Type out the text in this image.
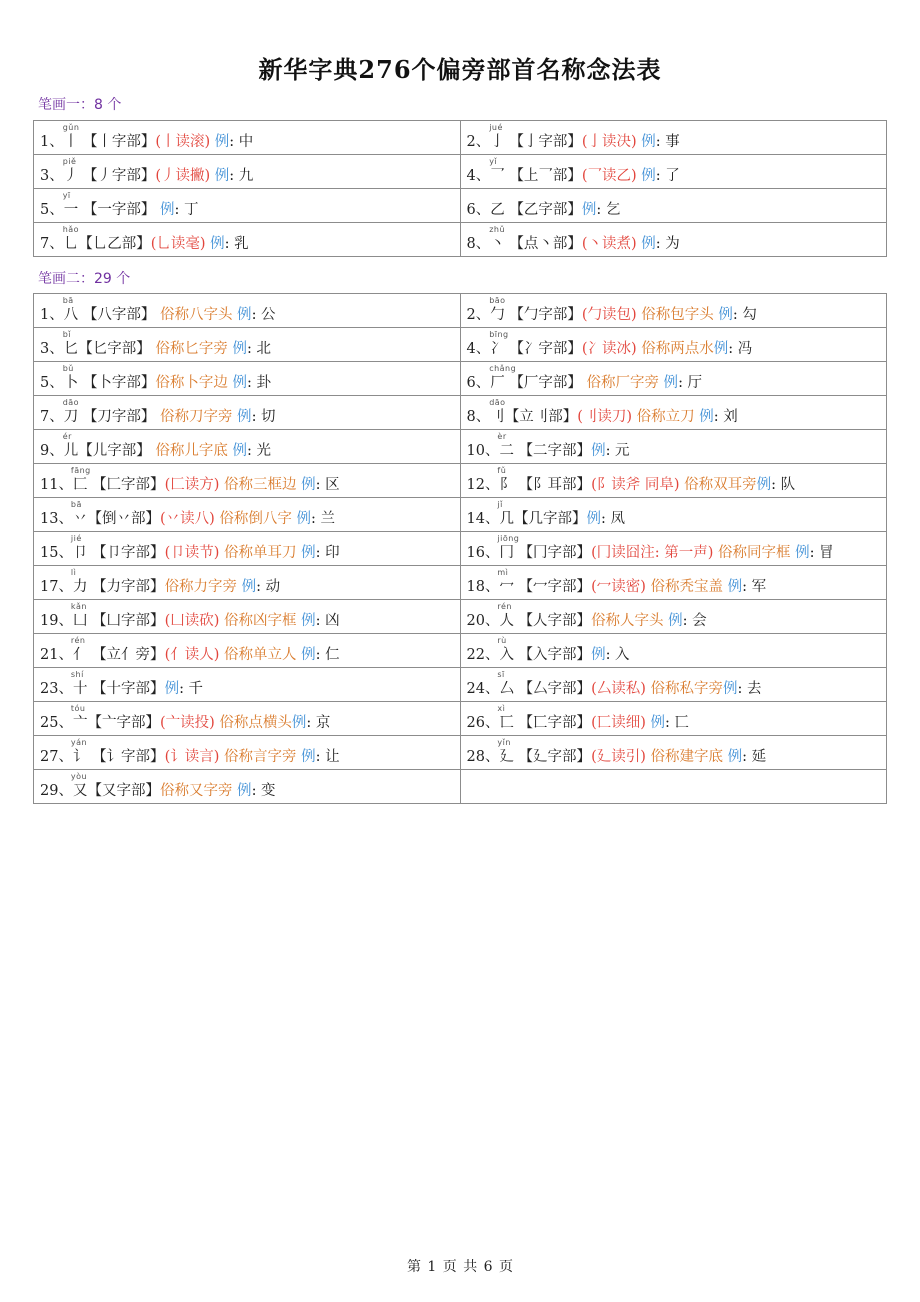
新华字典276个偏旁部首名称念法表
笔画一：8 个
gǔn
1、丨 【丨字部】(丨读滚) 例: 中	jué
2、亅 【亅字部】(亅读决) 例: 事

piě
3、丿 【丿字部】(丿读撇) 例: 九	yǐ
4、乛 【上乛部】(乛读乙) 例: 了

yī
5、一 【一字部】 例: 丁	6、乙 【乙字部】例: 乞

hǎo
7、乚【乚乙部】(乚读毫) 例: 乳	zhǔ
8、丶 【点丶部】(丶读煮) 例: 为
笔画二：29 个
bā
1、八 【八字部】 俗称八字头 例: 公	bāo
2、勹 【勹字部】(勹读包) 俗称包字头 例: 勾

bǐ
3、匕【匕字部】 俗称匕字旁 例: 北	bīng
4、冫 【冫字部】(冫读冰) 俗称两点水例: 冯

bǔ
5、卜 【卜字部】俗称卜字边 例: 卦	chǎng
6、厂 【厂字部】 俗称厂字旁 例: 厅

dāo
7、刀 【刀字部】 俗称刀字旁 例: 切	dāo
8、刂【立刂部】(刂读刀) 俗称立刀 例: 刘

ér
9、儿【儿字部】 俗称儿字底 例: 光	èr
10、二 【二字部】例: 元

fāng
11、匚 【匚字部】(匚读方) 俗称三框边 例: 区	fǔ
12、阝 【阝耳部】(阝读斧 同阜) 俗称双耳旁例: 队

bā
13、丷【倒丷部】(丷读八) 俗称倒八字 例: 兰	jǐ
14、几【几字部】例: 凤

jié
15、卩 【卩字部】(卩读节) 俗称单耳刀 例: 印	jiōng
16、冂 【冂字部】(冂读囧注: 第一声) 俗称同字框 例: 冒

lì
17、力 【力字部】俗称力字旁 例: 动	mì
18、冖 【冖字部】(冖读密) 俗称秃宝盖 例: 军

kǎn
19、凵 【凵字部】(凵读砍) 俗称凶字框 例: 凶	rén
20、人 【人字部】俗称人字头 例: 会

rén
21、亻 【立亻旁】(亻读人) 俗称单立人 例: 仁	rù
22、入 【入字部】例: 入

shí
23、十 【十字部】例: 千	sī
24、厶 【厶字部】(厶读私) 俗称私字旁例: 去

tóu
25、亠【亠字部】(亠读投) 俗称点横头例: 京	xì
26、匸 【匸字部】(匸读细) 例: 匸

yán
27、讠 【讠字部】(讠读言) 俗称言字旁 例: 让	yǐn
28、廴 【廴字部】(廴读引) 俗称建字底 例: 延

yòu
29、又【又字部】俗称又字旁 例: 变	

第 1 页 共 6 页
